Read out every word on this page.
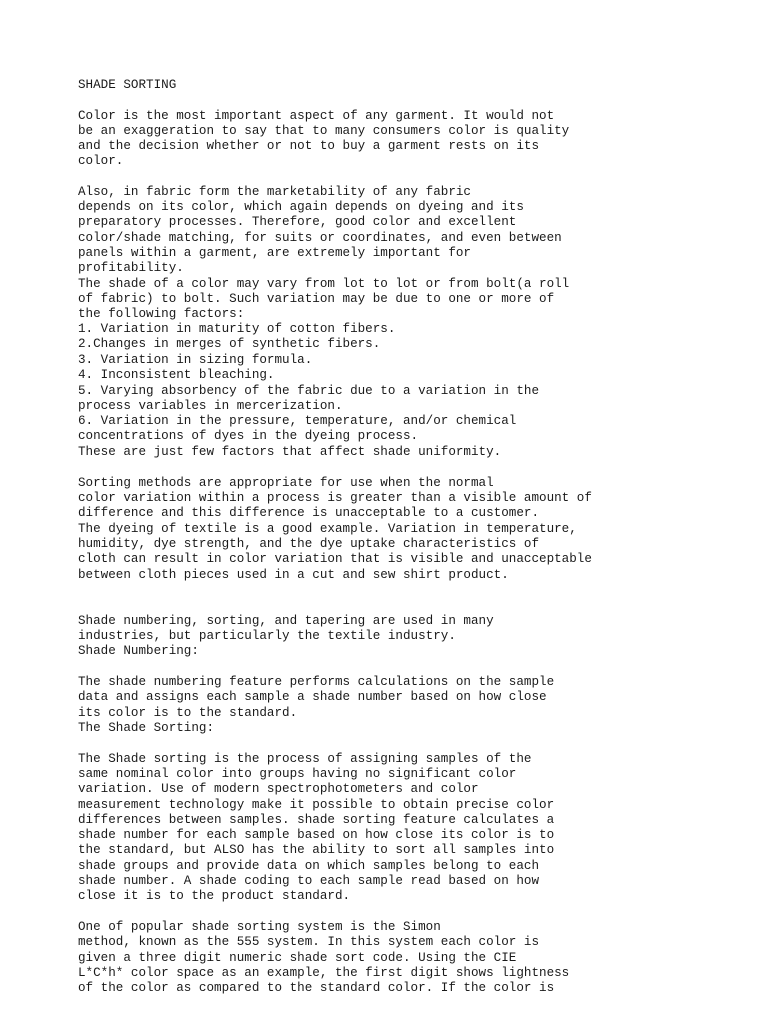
SHADE SORTING
Color is the most important aspect of any garment. It would not
be an exaggeration to say that to many consumers color is quality
and the decision whether or not to buy a garment rests on its
color.
Also, in fabric form the marketability of any fabric
depends on its color, which again depends on dyeing and its
preparatory processes. Therefore, good color and excellent
color/shade matching, for suits or coordinates, and even between
panels within a garment, are extremely important for
profitability.
The shade of a color may vary from lot to lot or from bolt(a roll
of fabric) to bolt. Such variation may be due to one or more of
the following factors:
1. Variation in maturity of cotton fibers.
2.Changes in merges of synthetic fibers.
3. Variation in sizing formula.
4. Inconsistent bleaching.
5. Varying absorbency of the fabric due to a variation in the
process variables in mercerization.
6. Variation in the pressure, temperature, and/or chemical
concentrations of dyes in the dyeing process.
These are just few factors that affect shade uniformity.
Sorting methods are appropriate for use when the normal
color variation within a process is greater than a visible amount of
difference and this difference is unacceptable to a customer.
The dyeing of textile is a good example. Variation in temperature,
humidity, dye strength, and the dye uptake characteristics of
cloth can result in color variation that is visible and unacceptable
between cloth pieces used in a cut and sew shirt product.
Shade numbering, sorting, and tapering are used in many
industries, but particularly the textile industry.
Shade Numbering:
The shade numbering feature performs calculations on the sample
data and assigns each sample a shade number based on how close
its color is to the standard.
The Shade Sorting:
The Shade sorting is the process of assigning samples of the
same nominal color into groups having no significant color
variation. Use of modern spectrophotometers and color
measurement technology make it possible to obtain precise color
differences between samples. shade sorting feature calculates a
shade number for each sample based on how close its color is to
the standard, but ALSO has the ability to sort all samples into
shade groups and provide data on which samples belong to each
shade number. A shade coding to each sample read based on how
close it is to the product standard.
One of popular shade sorting system is the Simon
method, known as the 555 system. In this system each color is
given a three digit numeric shade sort code. Using the CIE
L*C*h* color space as an example, the first digit shows lightness
of the color as compared to the standard color. If the color is
